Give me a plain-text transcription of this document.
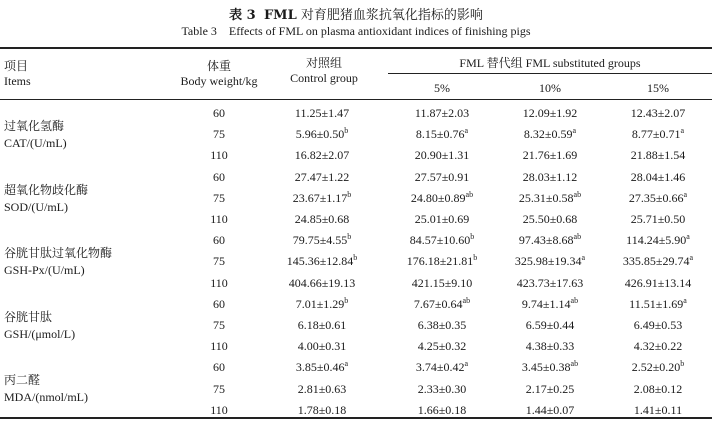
表 3 FML 对育肥猪血浆抗氧化指标的影响
Table 3    Effects of FML on plasma antioxidant indices of finishing pigs
项目
Items
体重
Body weight/kg
对照组
Control group
FML 替代组 FML substituted groups
5%	10%	15%
过氧化氢酶
CAT/(U/mL)
60	11.25±1.47	11.87±2.03	12.09±1.92	12.43±2.07
75	5.96±0.50$^b$	8.15±0.76$^a$	8.32±0.59$^a$	8.77±0.71$^a$
110	16.82±2.07	20.90±1.31	21.76±1.69	21.88±1.54
超氧化物歧化酶
SOD/(U/mL)
60	27.47±1.22	27.57±0.91	28.03±1.12	28.04±1.46
75	23.67±1.17$^b$	24.80±0.89$^{ab}$	25.31±0.58$^{ab}$	27.35±0.66$^a$
110	24.85±0.68	25.01±0.69	25.50±0.68	25.71±0.50
谷胱甘肽过氧化物酶
GSH-Px/(U/mL)
60	79.75±4.55$^b$	84.57±10.60$^b$	97.43±8.68$^{ab}$	114.24±5.90$^a$
75	145.36±12.84$^b$	176.18±21.81$^b$	325.98±19.34$^a$	335.85±29.74$^a$
110	404.66±19.13	421.15±9.10	423.73±17.63	426.91±13.14
谷胱甘肽
GSH/(μmol/L)
60	7.01±1.29$^b$	7.67±0.64$^{ab}$	9.74±1.14$^{ab}$	11.51±1.69$^a$
75	6.18±0.61	6.38±0.35	6.59±0.44	6.49±0.53
110	4.00±0.31	4.25±0.32	4.38±0.33	4.32±0.22
丙二醛
MDA/(nmol/mL)
60	3.85±0.46$^a$	3.74±0.42$^a$	3.45±0.38$^{ab}$	2.52±0.20$^b$
75	2.81±0.63	2.33±0.30	2.17±0.25	2.08±0.12
110	1.78±0.18	1.66±0.18	1.44±0.07	1.41±0.11
